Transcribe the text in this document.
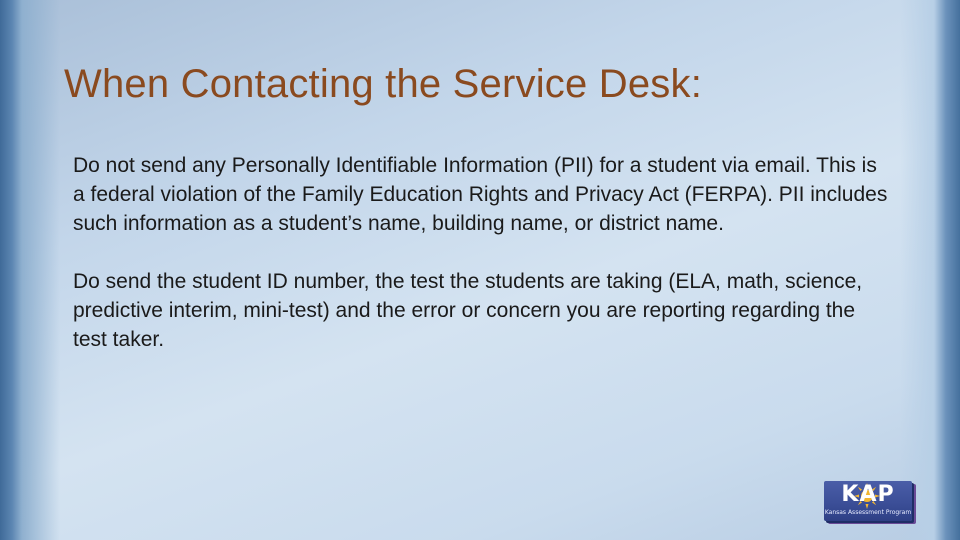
When Contacting the Service Desk:

Do not send any Personally Identifiable Information (PII) for a student via email. This is a federal violation of the Family Education Rights and Privacy Act (FERPA). PII includes such information as a student’s name, building name, or district name.

Do send the student ID number, the test the students are taking (ELA, math, science, predictive interim, mini-test) and the error or concern you are reporting regarding the test taker.

KAP
Kansas Assessment Program
